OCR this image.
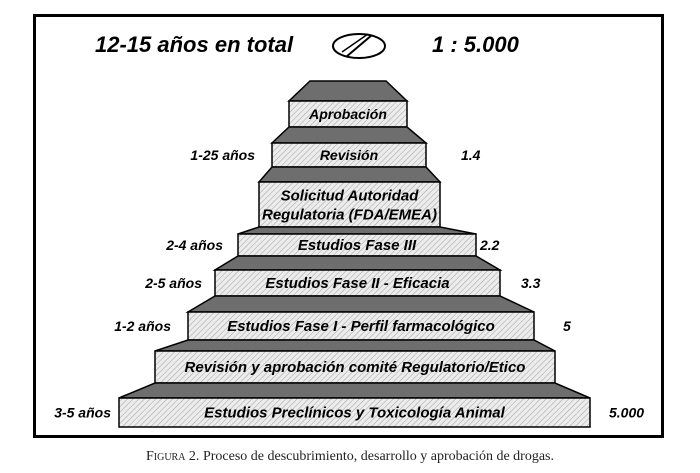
12-15 años en total	1 : 5.000
Aprobación
Revisión
1-25 años	1.4
Solicitud Autoridad
Regulatoria (FDA/EMEA)
Estudios Fase III
2-4 años	2.2
Estudios Fase II - Eficacia
2-5 años	3.3
Estudios Fase I - Perfil farmacológico
1-2 años	5
Revisión y aprobación comité Regulatorio/Etico
Estudios Preclínicos y Toxicología Animal
3-5 años	5.000
Figura 2. Proceso de descubrimiento, desarrollo y aprobación de drogas.
